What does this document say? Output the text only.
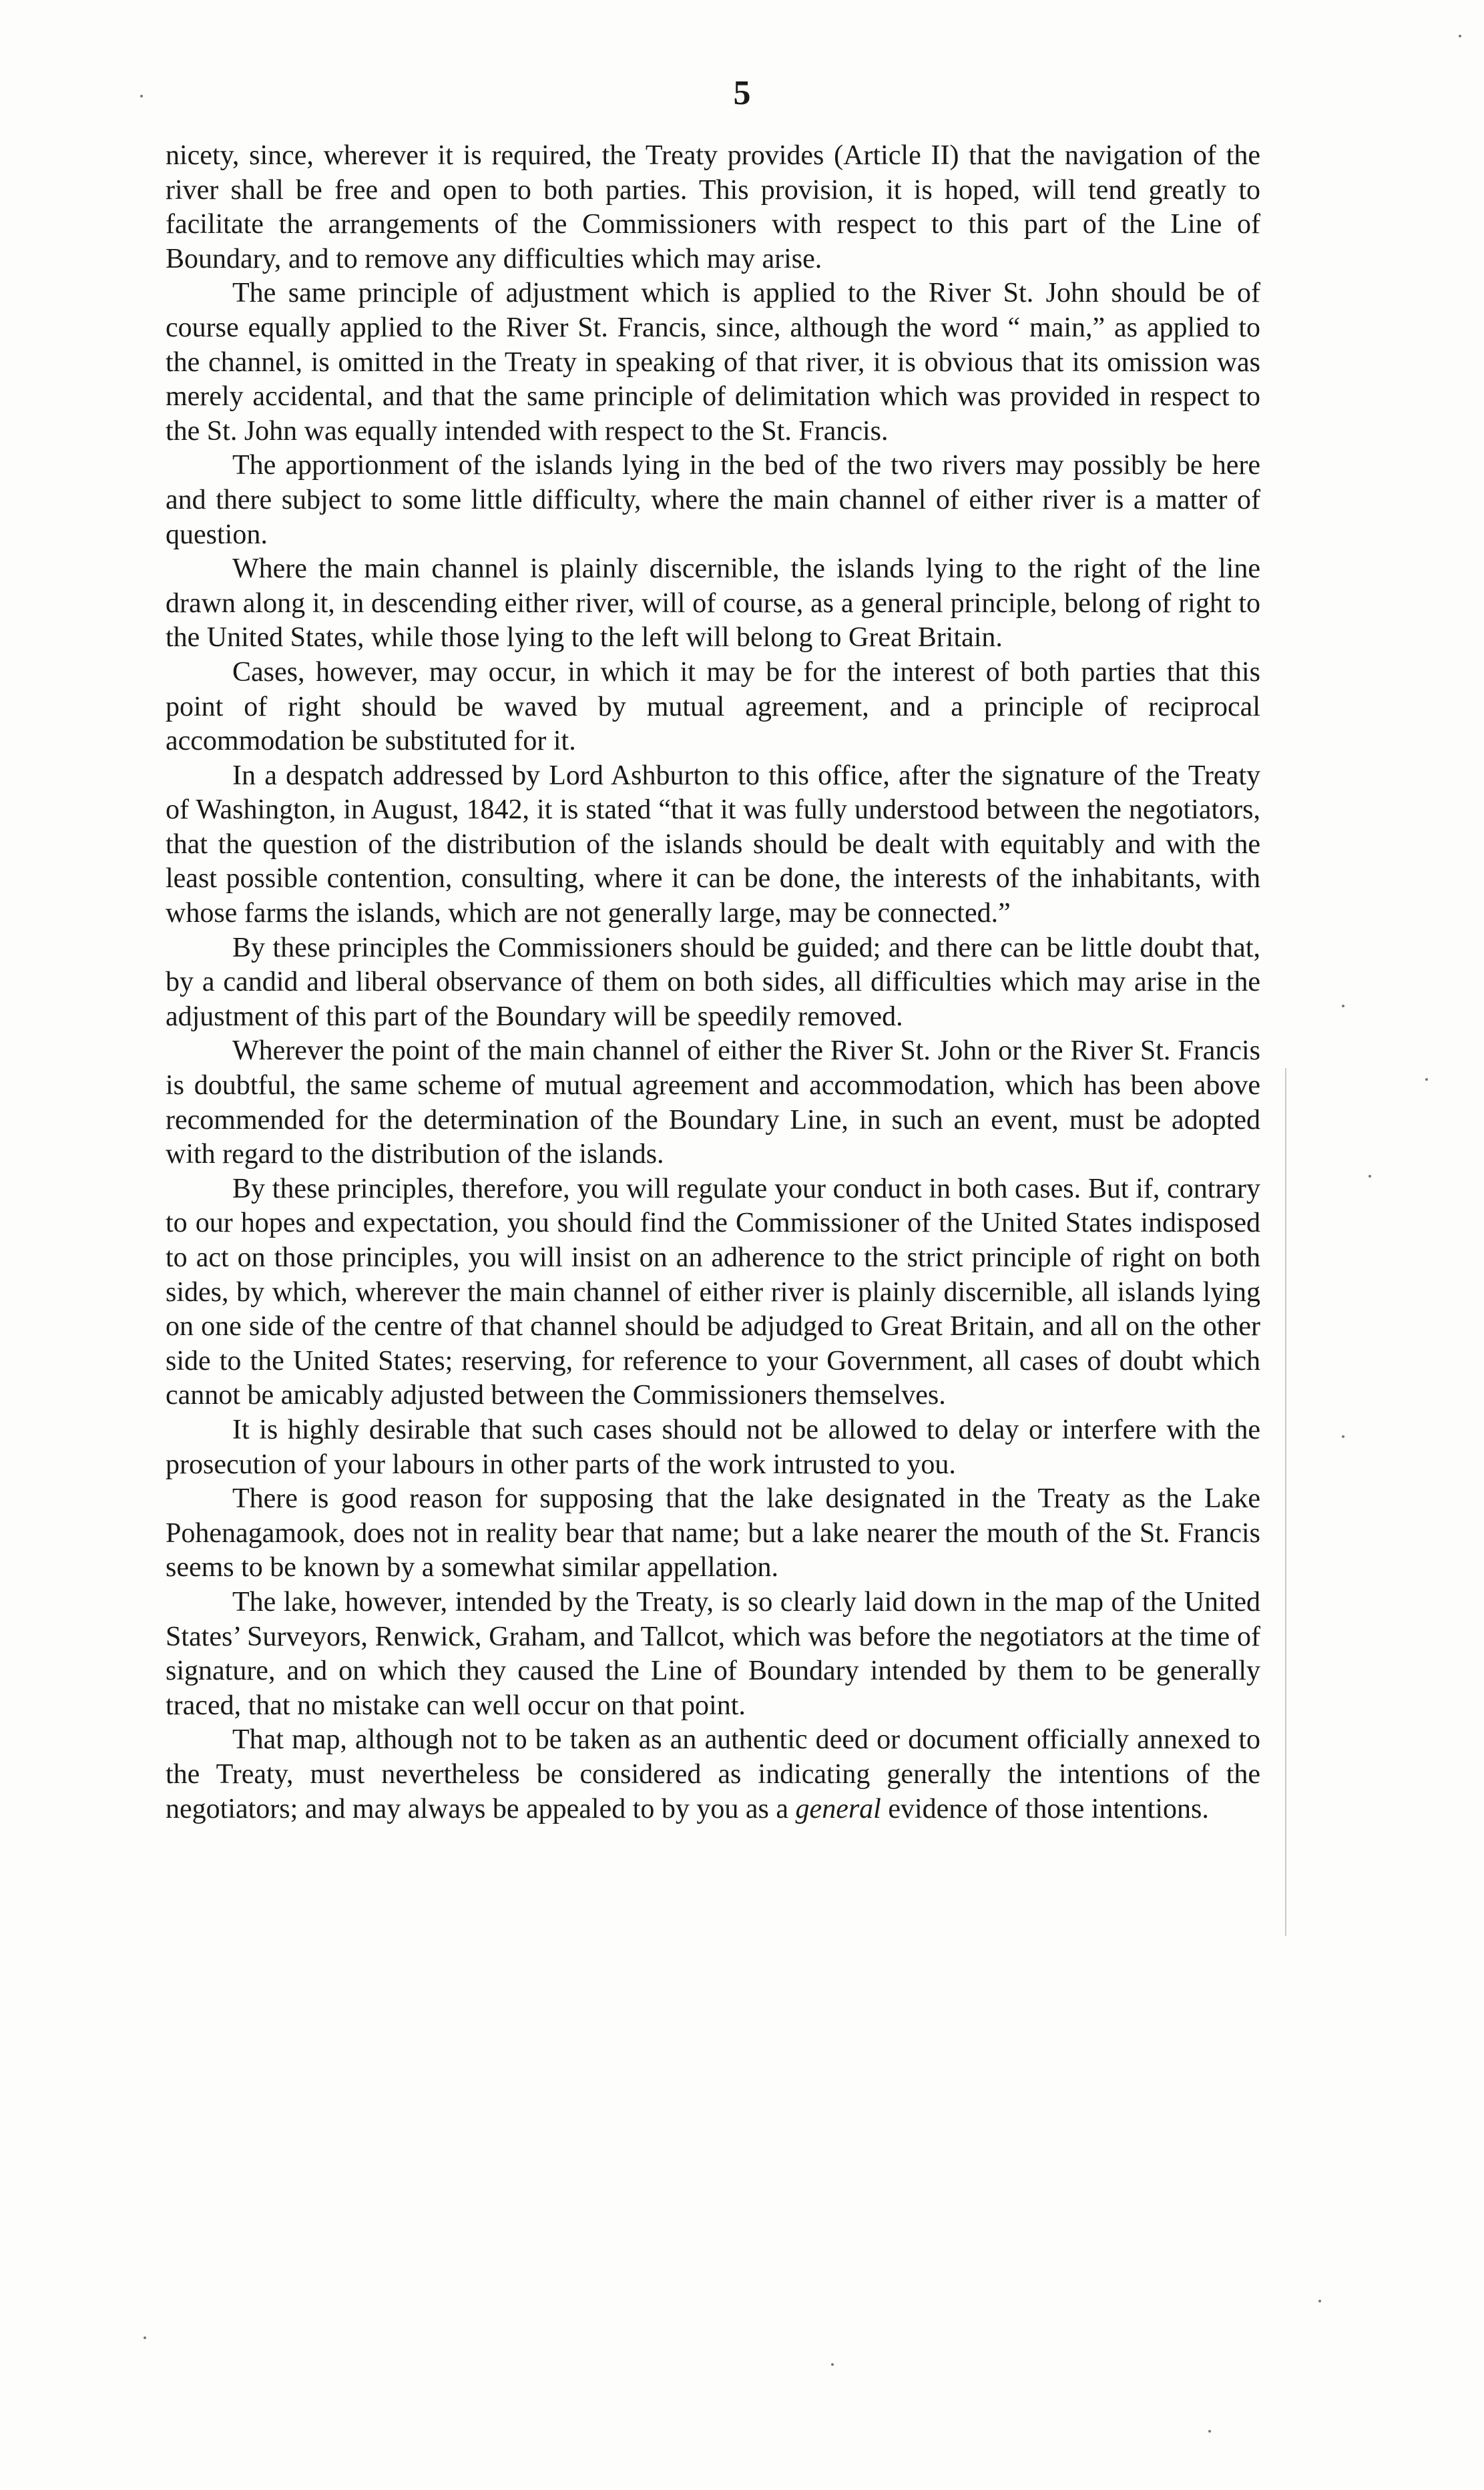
5

nicety, since, wherever it is required, the Treaty provides (Article II) that the navigation of the river shall be free and open to both parties. This provision, it is hoped, will tend greatly to facilitate the arrangements of the Commissioners with respect to this part of the Line of Boundary, and to remove any difficulties which may arise.

The same principle of adjustment which is applied to the River St. John should be of course equally applied to the River St. Francis, since, although the word “ main,” as applied to the channel, is omitted in the Treaty in speaking of that river, it is obvious that its omission was merely accidental, and that the same principle of delimitation which was provided in respect to the St. John was equally intended with respect to the St. Francis.

The apportionment of the islands lying in the bed of the two rivers may possibly be here and there subject to some little difficulty, where the main channel of either river is a matter of question.

Where the main channel is plainly discernible, the islands lying to the right of the line drawn along it, in descending either river, will of course, as a general principle, belong of right to the United States, while those lying to the left will belong to Great Britain.

Cases, however, may occur, in which it may be for the interest of both parties that this point of right should be waved by mutual agreement, and a principle of reciprocal accommodation be substituted for it.

In a despatch addressed by Lord Ashburton to this office, after the signature of the Treaty of Washington, in August, 1842, it is stated “that it was fully understood between the negotiators, that the question of the distribution of the islands should be dealt with equitably and with the least possible contention, consulting, where it can be done, the interests of the inhabitants, with whose farms the islands, which are not generally large, may be connected.”

By these principles the Commissioners should be guided; and there can be little doubt that, by a candid and liberal observance of them on both sides, all difficulties which may arise in the adjustment of this part of the Boundary will be speedily removed.

Wherever the point of the main channel of either the River St. John or the River St. Francis is doubtful, the same scheme of mutual agreement and accommodation, which has been above recommended for the determination of the Boundary Line, in such an event, must be adopted with regard to the distribution of the islands.

By these principles, therefore, you will regulate your conduct in both cases. But if, contrary to our hopes and expectation, you should find the Commissioner of the United States indisposed to act on those principles, you will insist on an adherence to the strict principle of right on both sides, by which, wherever the main channel of either river is plainly discernible, all islands lying on one side of the centre of that channel should be adjudged to Great Britain, and all on the other side to the United States; reserving, for reference to your Government, all cases of doubt which cannot be amicably adjusted between the Commissioners themselves.

It is highly desirable that such cases should not be allowed to delay or interfere with the prosecution of your labours in other parts of the work intrusted to you.

There is good reason for supposing that the lake designated in the Treaty as the Lake Pohenagamook, does not in reality bear that name; but a lake nearer the mouth of the St. Francis seems to be known by a somewhat similar appellation.

The lake, however, intended by the Treaty, is so clearly laid down in the map of the United States’ Surveyors, Renwick, Graham, and Tallcot, which was before the negotiators at the time of signature, and on which they caused the Line of Boundary intended by them to be generally traced, that no mistake can well occur on that point.

That map, although not to be taken as an authentic deed or document officially annexed to the Treaty, must nevertheless be considered as indicating generally the intentions of the negotiators; and may always be appealed to by you as a general evidence of those intentions.
